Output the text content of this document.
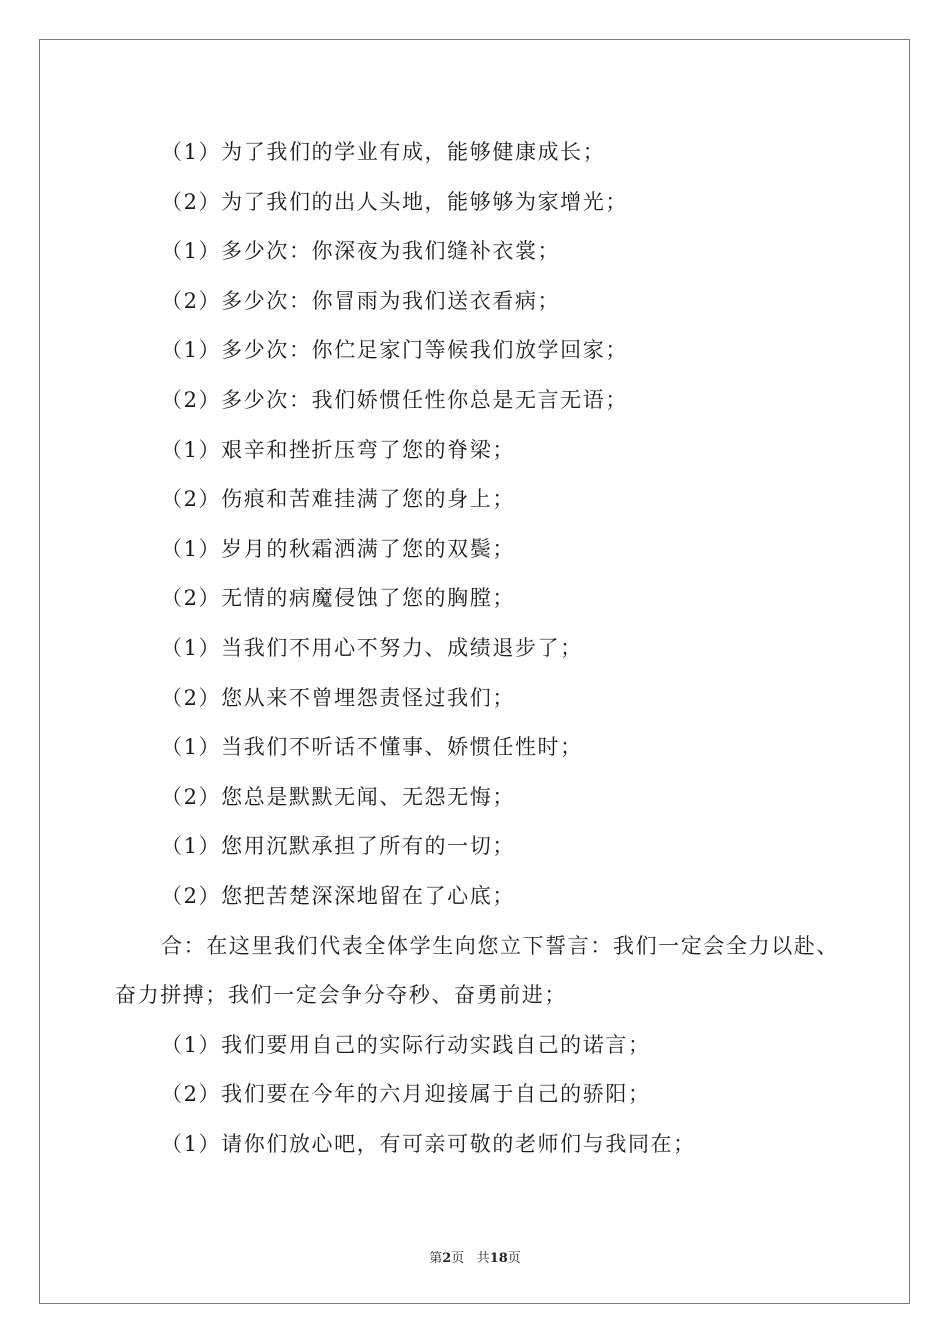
（1）为了我们的学业有成，能够健康成长；
（2）为了我们的出人头地，能够够为家增光；
（1）多少次：你深夜为我们缝补衣裳；
（2）多少次：你冒雨为我们送衣看病；
（1）多少次：你伫足家门等候我们放学回家；
（2）多少次：我们娇惯任性你总是无言无语；
（1）艰辛和挫折压弯了您的脊梁；
（2）伤痕和苦难挂满了您的身上；
（1）岁月的秋霜洒满了您的双鬓；
（2）无情的病魔侵蚀了您的胸膛；
（1）当我们不用心不努力、成绩退步了；
（2）您从来不曾埋怨责怪过我们；
（1）当我们不听话不懂事、娇惯任性时；
（2）您总是默默无闻、无怨无悔；
（1）您用沉默承担了所有的一切；
（2）您把苦楚深深地留在了心底；

合：在这里我们代表全体学生向您立下誓言：我们一定会全力以赴、奋力拼搏；我们一定会争分夺秒、奋勇前进；

（1）我们要用自己的实际行动实践自己的诺言；
（2）我们要在今年的六月迎接属于自己的骄阳；
（1）请你们放心吧，有可亲可敬的老师们与我同在；
第2页 共18页
